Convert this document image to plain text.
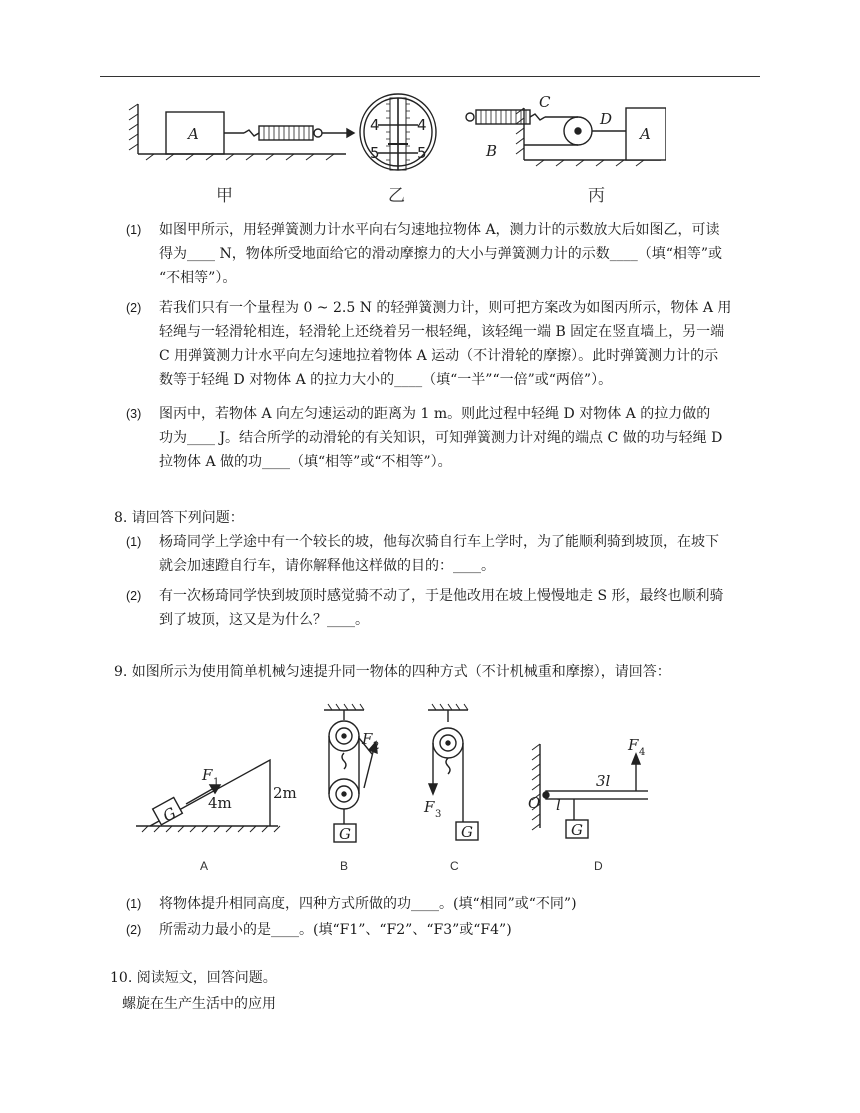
A	A
C
D
B
4 4
5 5
甲	乙	丙
(1) 如图甲所示，用轻弹簧测力计水平向右匀速地拉物体 A，测力计的示数放大后如图乙，可读
得为____ N，物体所受地面给它的滑动摩擦力的大小与弹簧测力计的示数____（填“相等”或
“不相等”）。
(2) 若我们只有一个量程为 0 ~ 2.5 N 的轻弹簧测力计，则可把方案改为如图丙所示，物体 A 用
轻绳与一轻滑轮相连，轻滑轮上还绕着另一根轻绳，该轻绳一端 B 固定在竖直墙上，另一端
C 用弹簧测力计水平向左匀速地拉着物体 A 运动（不计滑轮的摩擦）。此时弹簧测力计的示
数等于轻绳 D 对物体 A 的拉力大小的____（填“一半”“一倍”或“两倍”）。
(3) 图丙中，若物体 A 向左匀速运动的距离为 1 m。则此过程中轻绳 D 对物体 A 的拉力做的
功为____ J。结合所学的动滑轮的有关知识，可知弹簧测力计对绳的端点 C 做的功与轻绳 D
拉物体 A 做的功____（填“相等”或“不相等”）。
8. 请回答下列问题：
(1) 杨琦同学上学途中有一个较长的坡，他每次骑自行车上学时，为了能顺利骑到坡顶，在坡下
就会加速蹬自行车，请你解释他这样做的目的：____。
(2) 有一次杨琦同学快到坡顶时感觉骑不动了，于是他改用在坡上慢慢地走 S 形，最终也顺利骑
到了坡顶，这又是为什么？____。
9. 如图所示为使用简单机械匀速提升同一物体的四种方式（不计机械重和摩擦），请回答：
G
G	G	G
F 1
4m
2m
F 2
F 3
F 4
3l
l
O
A	B	C	D
(1) 将物体提升相同高度，四种方式所做的功____。(填“相同”或“不同”)
(2) 所需动力最小的是____。(填“F1”、“F2”、“F3”或“F4”)
10. 阅读短文，回答问题。
螺旋在生产生活中的应用
